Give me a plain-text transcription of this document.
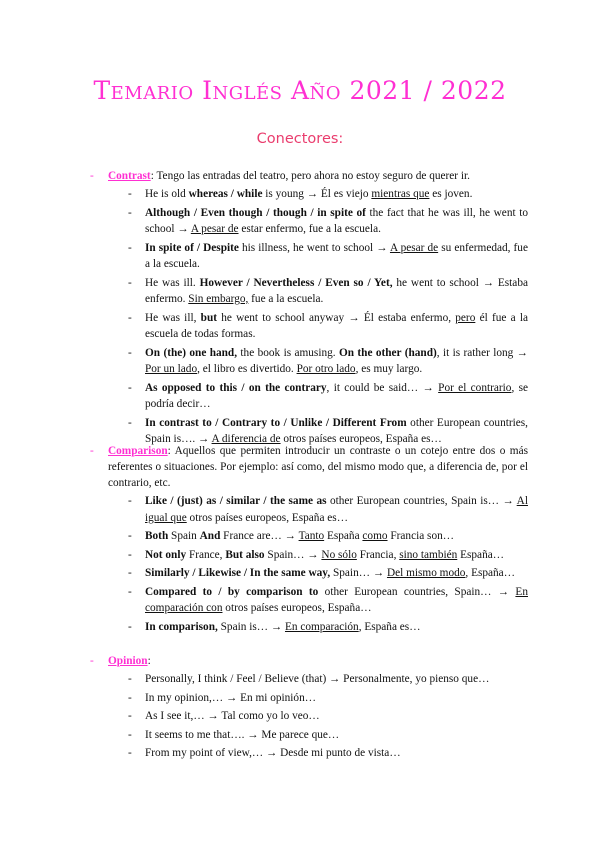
Temario Inglés Año 2021 / 2022
Conectores:
- Contrast: Tengo las entradas del teatro, pero ahora no estoy seguro de querer ir.
- He is old whereas / while is young → Él es viejo mientras que es joven.
- Although / Even though / though / in spite of the fact that he was ill, he went to school → A pesar de estar enfermo, fue a la escuela.
- In spite of / Despite his illness, he went to school → A pesar de su enfermedad, fue a la escuela.
- He was ill. However / Nevertheless / Even so / Yet, he went to school → Estaba enfermo. Sin embargo, fue a la escuela.
- He was ill, but he went to school anyway → Él estaba enfermo, pero él fue a la escuela de todas formas.
- On (the) one hand, the book is amusing. On the other (hand), it is rather long → Por un lado, el libro es divertido. Por otro lado, es muy largo.
- As opposed to this / on the contrary, it could be said… → Por el contrario, se podría decir…
- In contrast to / Contrary to / Unlike / Different From other European countries, Spain is…. → A diferencia de otros países europeos, España es…
- Comparison: Aquellos que permiten introducir un contraste o un cotejo entre dos o más referentes o situaciones. Por ejemplo: así como, del mismo modo que, a diferencia de, por el contrario, etc.
- Like / (just) as / similar / the same as other European countries, Spain is… → Al igual que otros países europeos, España es…
- Both Spain And France are… → Tanto España como Francia son…
- Not only France, But also Spain… → No sólo Francia, sino también España…
- Similarly / Likewise / In the same way, Spain… → Del mismo modo, España…
- Compared to / by comparison to other European countries, Spain… → En comparación con otros países europeos, España…
- In comparison, Spain is… → En comparación, España es…
- Opinion:
- Personally, I think / Feel / Believe (that) → Personalmente, yo pienso que…
- In my opinion,… → En mi opinión…
- As I see it,… → Tal como yo lo veo…
- It seems to me that…. → Me parece que…
- From my point of view,… → Desde mi punto de vista…
